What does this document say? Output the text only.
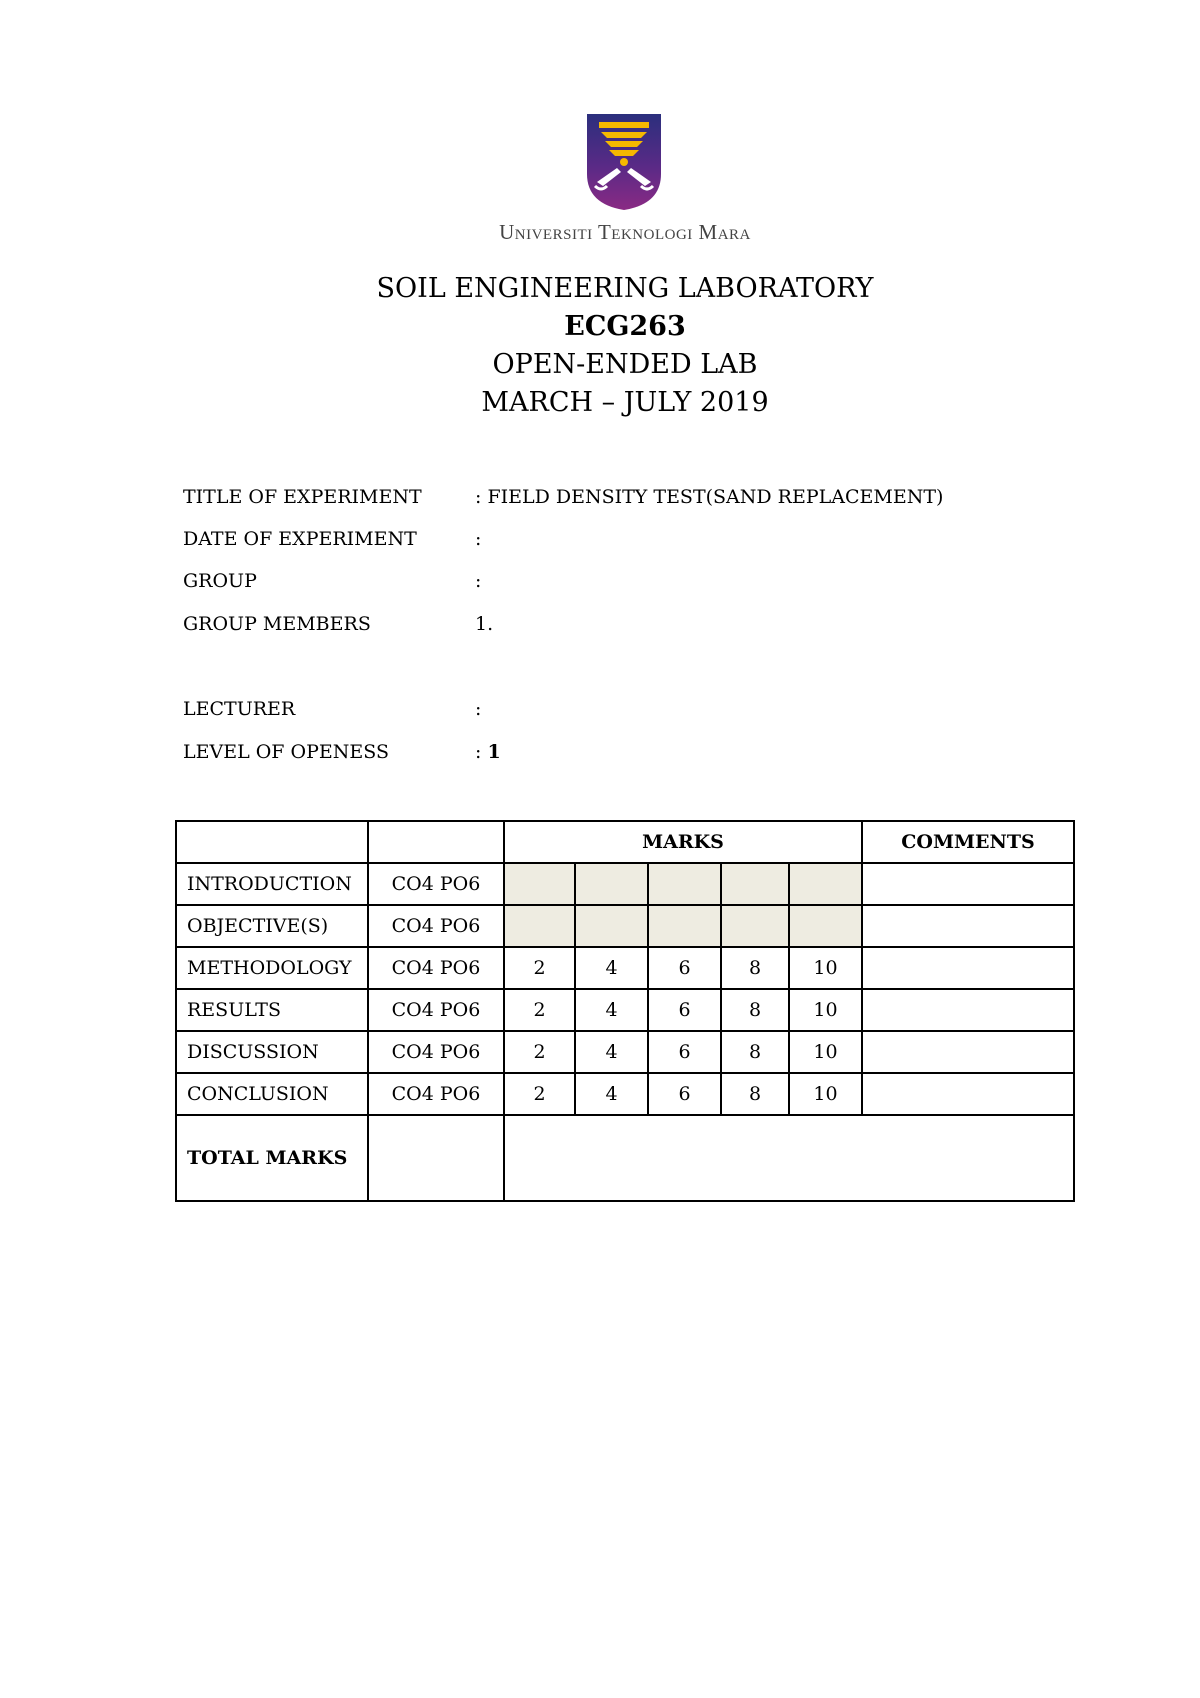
Universiti Teknologi Mara
SOIL ENGINEERING LABORATORY
ECG263
OPEN-ENDED LAB
MARCH – JULY 2019
TITLE OF EXPERIMENT	: FIELD DENSITY TEST(SAND REPLACEMENT)
DATE OF EXPERIMENT	:
GROUP	:
GROUP MEMBERS	1.
LECTURER	:
LEVEL OF OPENESS	: 1
		MARKS					COMMENTS
INTRODUCTION	CO4 PO6						
OBJECTIVE(S)	CO4 PO6						
METHODOLOGY	CO4 PO6	2	4	6	8	10	
RESULTS	CO4 PO6	2	4	6	8	10	
DISCUSSION	CO4 PO6	2	4	6	8	10	
CONCLUSION	CO4 PO6	2	4	6	8	10	
TOTAL MARKS							
